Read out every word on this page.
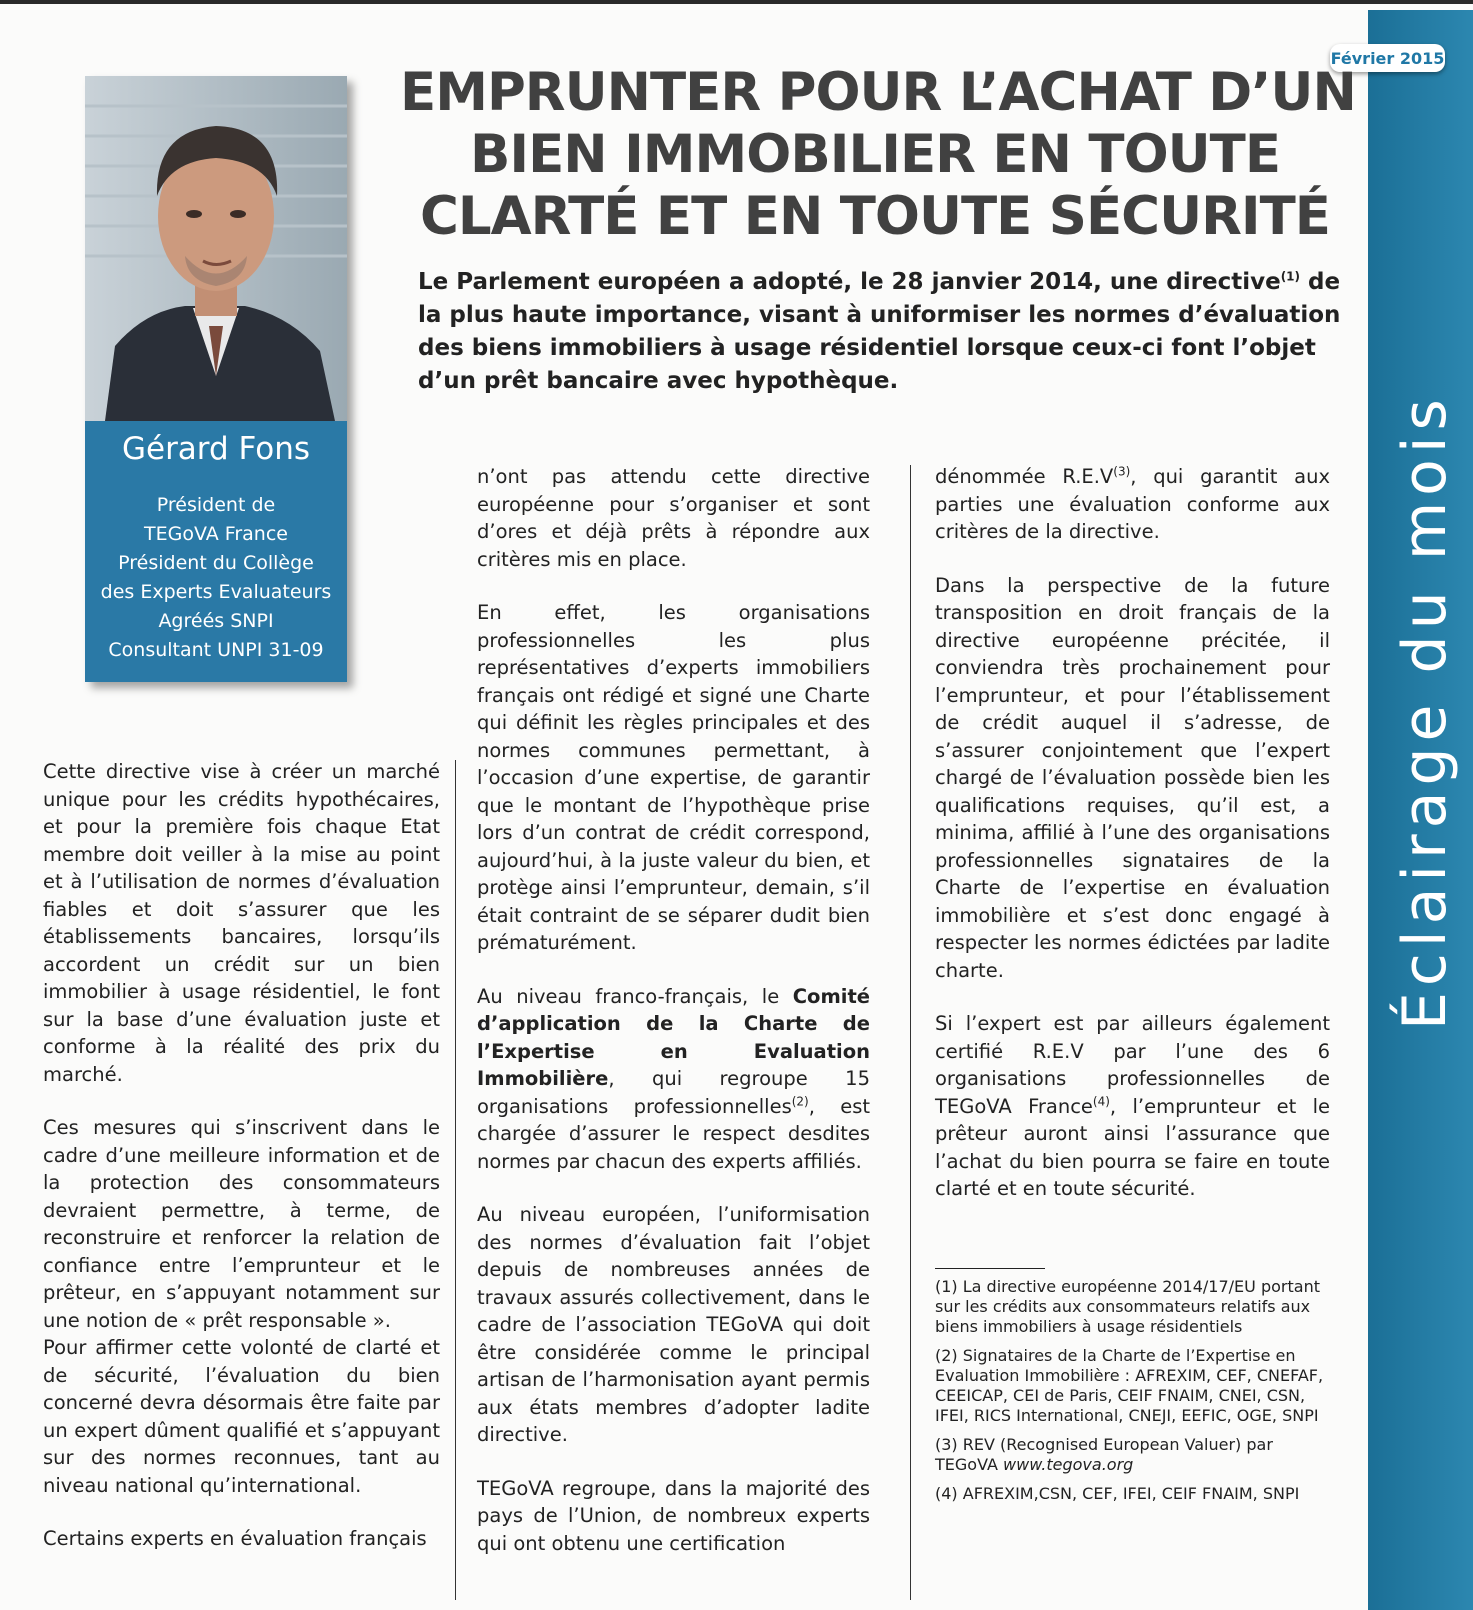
Éclairage du mois
Février 2015
Gérard Fons
Président de
TEGoVA France
Président du Collège
des Experts Evaluateurs
Agréés SNPI
Consultant UNPI 31-09
EMPRUNTER POUR L’ACHAT D’UN
BIEN IMMOBILIER EN TOUTE
CLARTÉ ET EN TOUTE SÉCURITÉ
Le Parlement européen a adopté, le 28 janvier 2014, une directive$^{(1)}$ de
la plus haute importance, visant à uniformiser les normes d’évaluation
des biens immobiliers à usage résidentiel lorsque ceux-ci font l’objet
d’un prêt bancaire avec hypothèque.

Cette directive vise à créer un marché unique pour les crédits hypothécaires, et pour la première fois chaque Etat membre doit veiller à la mise au point et à l’utilisation de normes d’évaluation fiables et doit s’assurer que les établissements bancaires, lorsqu’ils accordent un crédit sur un bien immobilier à usage résidentiel, le font sur la base d’une évaluation juste et conforme à la réalité des prix du marché.

Ces mesures qui s’inscrivent dans le cadre d’une meilleure information et de la protection des consommateurs devraient permettre, à terme, de reconstruire et renforcer la relation de confiance entre l’emprunteur et le prêteur, en s’appuyant notamment sur une notion de « prêt responsable ».

Pour affirmer cette volonté de clarté et de sécurité, l’évaluation du bien concerné devra désormais être faite par un expert dûment qualifié et s’appuyant sur des normes reconnues, tant au niveau national qu’international.

Certains experts en évaluation français

n’ont pas attendu cette directive européenne pour s’organiser et sont d’ores et déjà prêts à répondre aux critères mis en place.

En effet, les organisations professionnelles les plus représentatives d’experts immobiliers français ont rédigé et signé une Charte qui définit les règles principales et des normes communes permettant, à l’occasion d’une expertise, de garantir que le montant de l’hypothèque prise lors d’un contrat de crédit correspond, aujourd’hui, à la juste valeur du bien, et protège ainsi l’emprunteur, demain, s’il était contraint de se séparer dudit bien prématurément.

Au niveau franco-français, le Comité d’application de la Charte de l’Expertise en Evaluation Immobilière, qui regroupe 15 organisations professionnelles$^{(2)}$, est chargée d’assurer le respect desdites normes par chacun des experts affiliés.

Au niveau européen, l’uniformisation des normes d’évaluation fait l’objet depuis de nombreuses années de travaux assurés collectivement, dans le cadre de l’association TEGoVA qui doit être considérée comme le principal artisan de l’harmonisation ayant permis aux états membres d’adopter ladite directive.

TEGoVA regroupe, dans la majorité des pays de l’Union, de nombreux experts qui ont obtenu une certification

dénommée $R.E.V^{(3)}$, qui garantit aux parties une évaluation conforme aux critères de la directive.

Dans la perspective de la future transposition en droit français de la directive européenne précitée, il conviendra très prochainement pour l’emprunteur, et pour l’établissement de crédit auquel il s’adresse, de s’assurer conjointement que l’expert chargé de l’évaluation possède bien les qualifications requises, qu’il est, a minima, affilié à l’une des organisations professionnelles signataires de la Charte de l’expertise en évaluation immobilière et s’est donc engagé à respecter les normes édictées par ladite charte.

Si l’expert est par ailleurs également certifié R.E.V par l’une des 6 organisations professionnelles de TEGoVA France$^{(4)}$, l’emprunteur et le prêteur auront ainsi l’assurance que l’achat du bien pourra se faire en toute clarté et en toute sécurité.

(1) La directive européenne 2014/17/EU portant sur les crédits aux consommateurs relatifs aux biens immobiliers à usage résidentiels

(2) Signataires de la Charte de l’Expertise en Evaluation Immobilière : AFREXIM, CEF, CNEFAF, CEEICAP, CEI de Paris, CEIF FNAIM, CNEI, CSN, IFEI, RICS International, CNEJI, EEFIC, OGE, SNPI

(3) REV (Recognised European Valuer) par TEGoVA www.tegova.org

(4) AFREXIM,CSN, CEF, IFEI, CEIF FNAIM, SNPI
